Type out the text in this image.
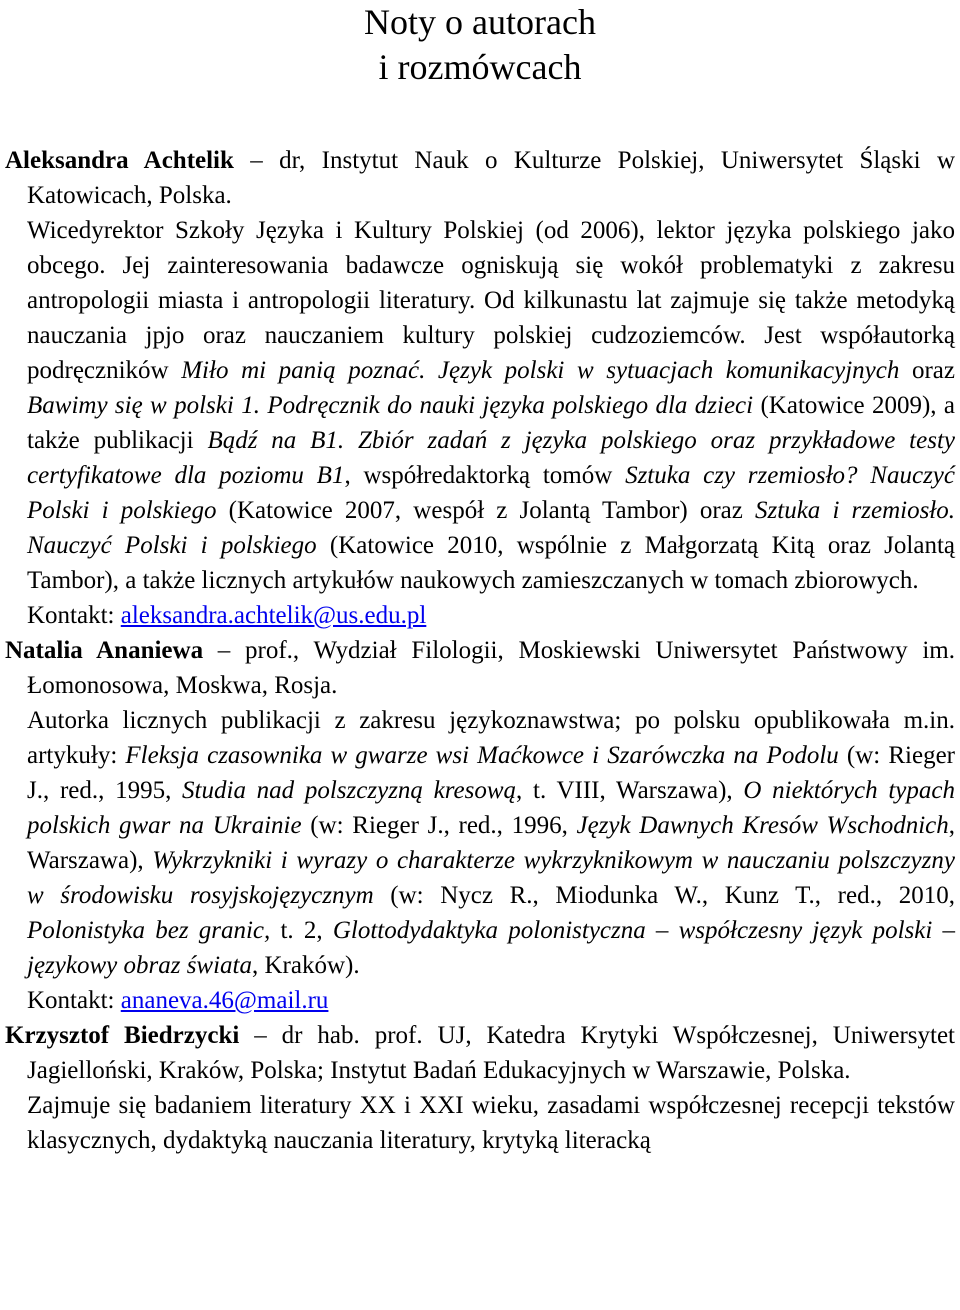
Noty o autorach
i rozmówcach

Aleksandra Achtelik – dr, Instytut Nauk o Kulturze Polskiej, Uniwersytet Śląski w Katowicach, Polska.

Wicedyrektor Szkoły Języka i Kultury Polskiej (od 2006), lektor języka polskiego jako obcego. Jej zainteresowania badawcze ogniskują się wokół problematyki z zakresu antropologii miasta i antropologii literatury. Od kilkunastu lat zajmuje się także metodyką nauczania jpjo oraz nauczaniem kultury polskiej cudzoziemców. Jest współautorką podręczników Miło mi panią poznać. Język polski w sytuacjach komunikacyjnych oraz Bawimy się w polski 1. Podręcznik do nauki języka polskiego dla dzieci (Katowice 2009), a także publikacji Bądź na B1. Zbiór zadań z języka polskiego oraz przykładowe testy certyfikatowe dla poziomu B1, współredaktorką tomów Sztuka czy rzemiosło? Nauczyć Polski i polskiego (Katowice 2007, wespół z Jolantą Tambor) oraz Sztuka i rzemiosło. Nauczyć Polski i polskiego (Katowice 2010, wspólnie z Małgorzatą Kitą oraz Jolantą Tambor), a także licznych artykułów naukowych zamieszczanych w tomach zbiorowych.

Kontakt: aleksandra.achtelik@us.edu.pl

Natalia Ananiewa – prof., Wydział Filologii, Moskiewski Uniwersytet Państwowy im. Łomonosowa, Moskwa, Rosja.

Autorka licznych publikacji z zakresu językoznawstwa; po polsku opublikowała m.in. artykuły: Fleksja czasownika w gwarze wsi Maćkowce i Szarówczka na Podolu (w: Rieger J., red., 1995, Studia nad polszczyzną kresową, t. VIII, Warszawa), O niektórych typach polskich gwar na Ukrainie (w: Rieger J., red., 1996, Język Dawnych Kresów Wschodnich, Warszawa), Wykrzykniki i wyrazy o charakterze wykrzyknikowym w nauczaniu polszczyzny w środowisku rosyjskojęzycznym (w: Nycz R., Miodunka W., Kunz T., red., 2010, Polonistyka bez granic, t. 2, Glottodydaktyka polonistyczna – współczesny język polski – językowy obraz świata, Kraków).

Kontakt: ananeva.46@mail.ru

Krzysztof Biedrzycki – dr hab. prof. UJ, Katedra Krytyki Współczesnej, Uniwersytet Jagielloński, Kraków, Polska; Instytut Badań Edukacyjnych w Warszawie, Polska.

Zajmuje się badaniem literatury XX i XXI wieku, zasadami współczesnej recepcji tekstów klasycznych, dydaktyką nauczania literatury, krytyką literacką
